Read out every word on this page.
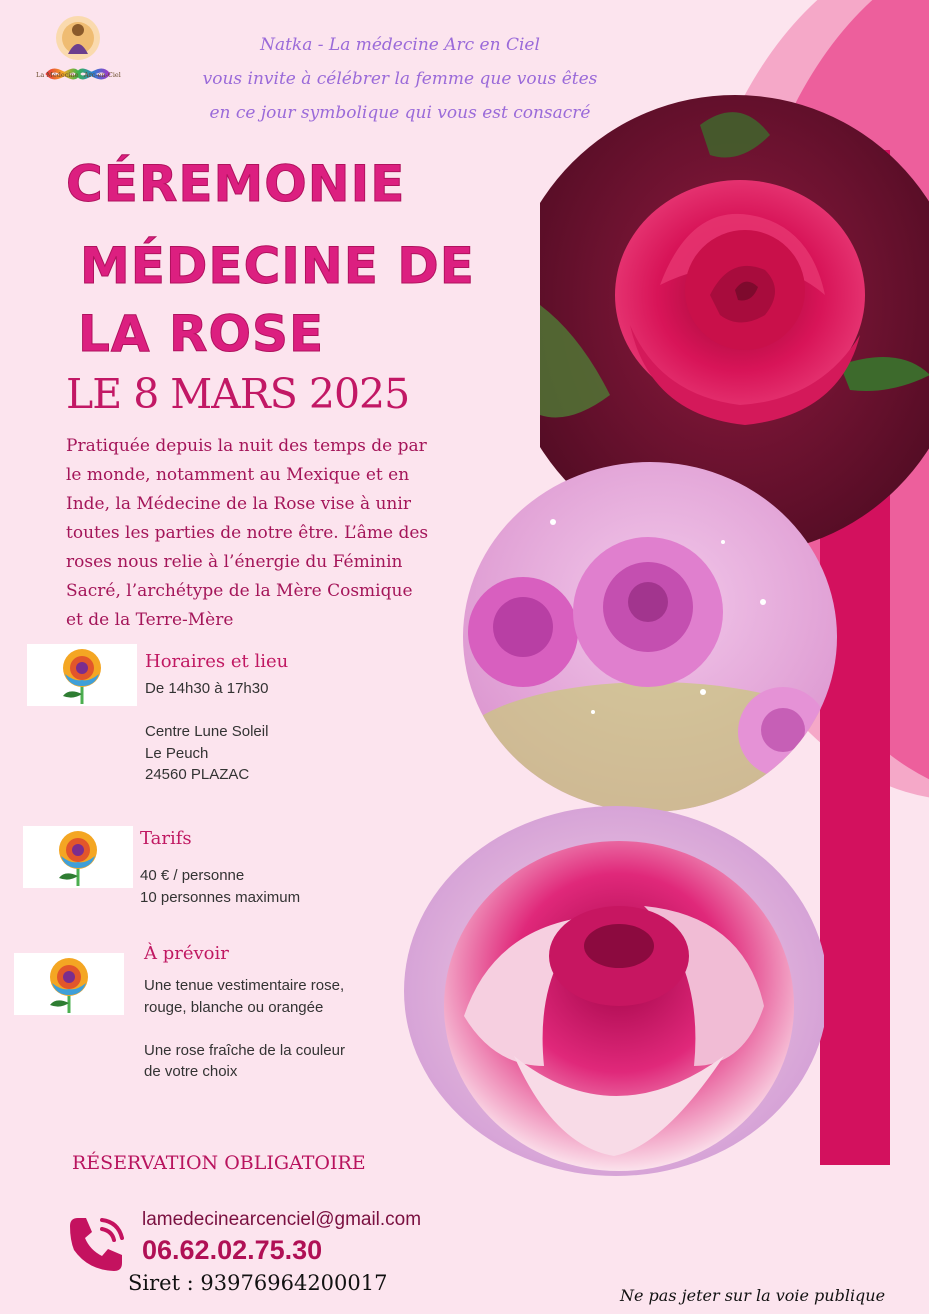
La Médecine Arc-en-Ciel
Natka - La médecine Arc en Ciel
vous invite à célébrer la femme que vous êtes
en ce jour symbolique qui vous est consacré
CÉREMONIE
MÉDECINE DE
LA ROSE
LE 8 MARS 2025
Pratiquée depuis la nuit des temps de par
le monde, notamment au Mexique et en
Inde, la Médecine de la Rose vise à unir
toutes les parties de notre être. L’âme des
roses nous relie à l’énergie du Féminin
Sacré, l’archétype de la Mère Cosmique
et de la Terre-Mère
Horaires et lieu
De 14h30 à 17h30
Centre Lune Soleil
Le Peuch
24560 PLAZAC
Tarifs
40 € / personne
10 personnes maximum
À prévoir
Une tenue vestimentaire rose,
rouge, blanche ou orangée
Une rose fraîche de la couleur
de votre choix
RÉSERVATION OBLIGATOIRE
lamedecinearcenciel@gmail.com
06.62.02.75.30
Siret : 93976964200017
Ne pas jeter sur la voie publique
